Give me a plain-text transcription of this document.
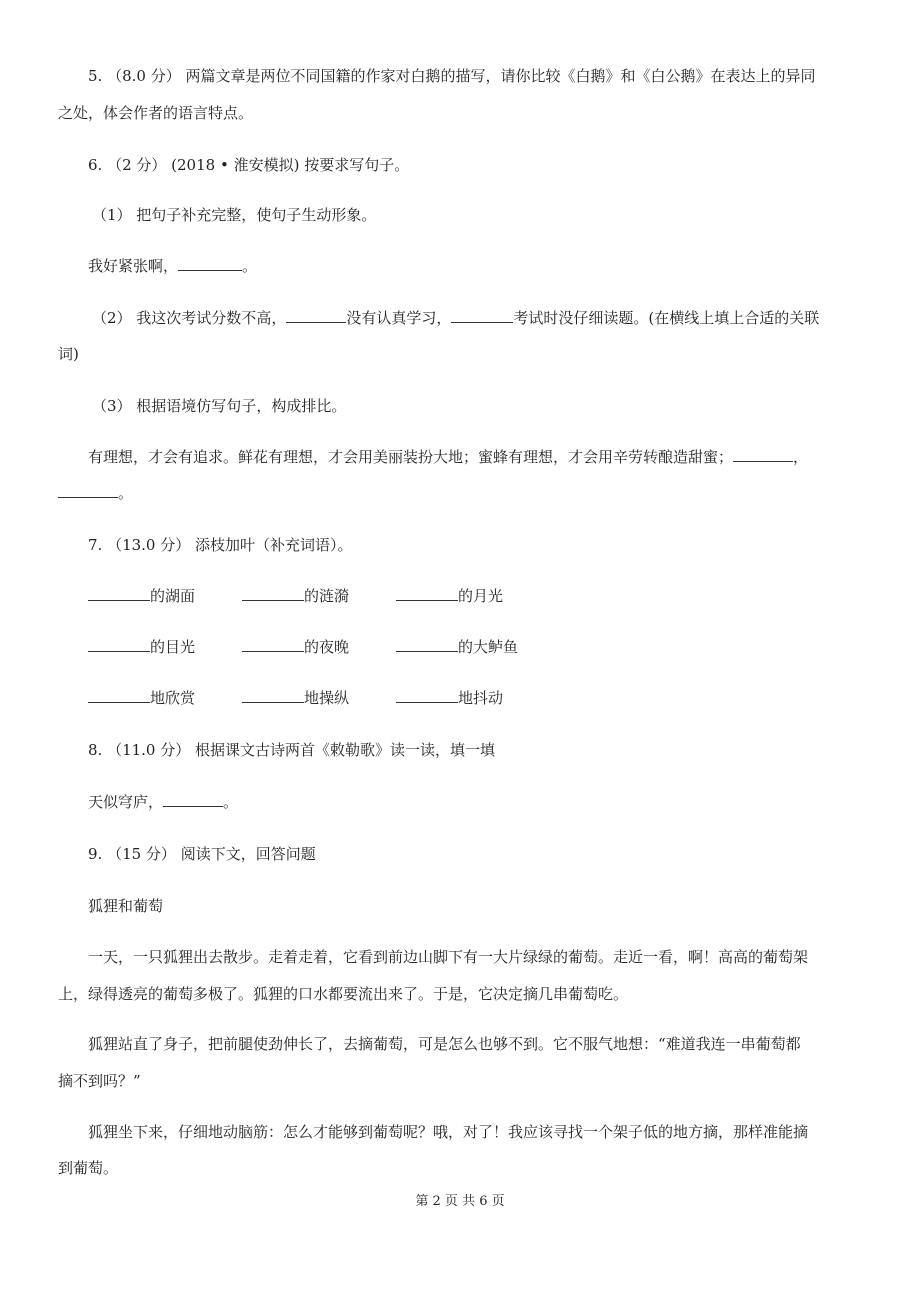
5. （8.0 分） 两篇文章是两位不同国籍的作家对白鹅的描写，请你比较《白鹅》和《白公鹅》在表达上的异同
之处，体会作者的语言特点。
6. （2 分） (2018 • 淮安模拟) 按要求写句子。
（1） 把句子补充完整，使句子生动形象。
我好紧张啊，	。
（2） 我这次考试分数不高，	没有认真学习，	考试时没仔细读题。(在横线上填上合适的关联
词)
（3） 根据语境仿写句子，构成排比。
有理想，才会有追求。鲜花有理想，才会用美丽装扮大地；蜜蜂有理想，才会用辛劳转酿造甜蜜；	，
。
7. （13.0 分） 添枝加叶（补充词语）。
的湖面	的涟漪	的月光
的目光	的夜晚	的大鲈鱼
地欣赏	地操纵	地抖动
8. （11.0 分） 根据课文古诗两首《敕勒歌》读一读，填一填
天似穹庐，	。
9. （15 分） 阅读下文，回答问题
狐狸和葡萄
一天，一只狐狸出去散步。走着走着，它看到前边山脚下有一大片绿绿的葡萄。走近一看，啊！高高的葡萄架
上，绿得透亮的葡萄多极了。狐狸的口水都要流出来了。于是，它决定摘几串葡萄吃。
狐狸站直了身子，把前腿使劲伸长了，去摘葡萄，可是怎么也够不到。它不服气地想：“难道我连一串葡萄都
摘不到吗？”
狐狸坐下来，仔细地动脑筋：怎么才能够到葡萄呢？哦，对了！我应该寻找一个架子低的地方摘，那样准能摘
到葡萄。
第 2 页 共 6 页
